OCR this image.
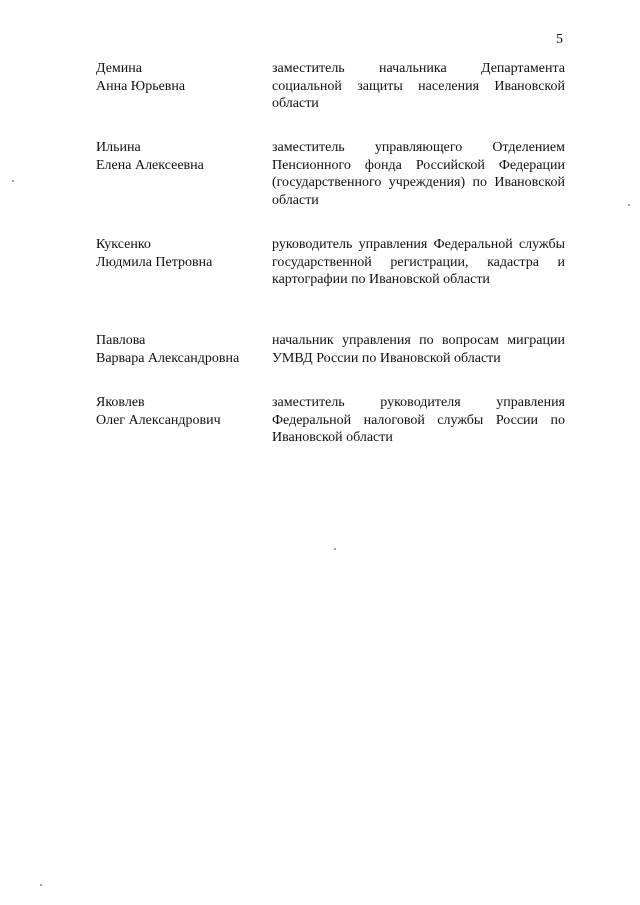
5
Демина
Анна Юрьевна
заместитель начальника Департамента социальной защиты населения Ивановской области
Ильина
Елена Алексеевна
заместитель управляющего Отделением Пенсионного фонда Российской Федерации (государственного учреждения) по Ивановской области
Куксенко
Людмила Петровна
руководитель управления Федеральной службы государственной регистрации, кадастра и картографии по Ивановской области
Павлова
Варвара Александровна
начальник управления по вопросам миграции УМВД России по Ивановской области
Яковлев
Олег Александрович
заместитель руководителя управления Федеральной налоговой службы России по Ивановской области
